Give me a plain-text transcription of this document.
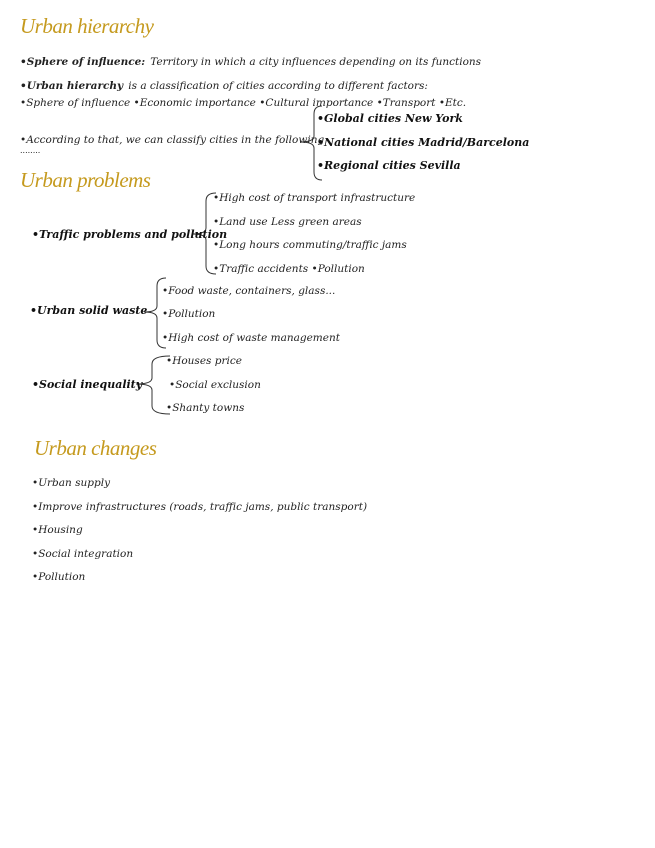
Urban hierarchy
•Sphere of influence: Territory in which a city influences depending on its functions
•Urban hierarchy is a classification of cities according to different factors:
•Sphere of influence •Economic importance •Cultural importance •Transport •Etc.
•According to that, we can classify cities in the following
........
•Global cities New York
•National cities Madrid/Barcelona
•Regional cities Sevilla
Urban problems
•Traffic problems and pollution
•High cost of transport infrastructure
•Land use Less green areas
•Long hours commuting/traffic jams
•Traffic accidents •Pollution
•Urban solid waste
•Food waste, containers, glass...
•Pollution
•High cost of waste management
•Social inequality
•Houses price
•Social exclusion
•Shanty towns
Urban changes
•Urban supply
•Improve infrastructures (roads, traffic jams, public transport)
•Housing
•Social integration
•Pollution
